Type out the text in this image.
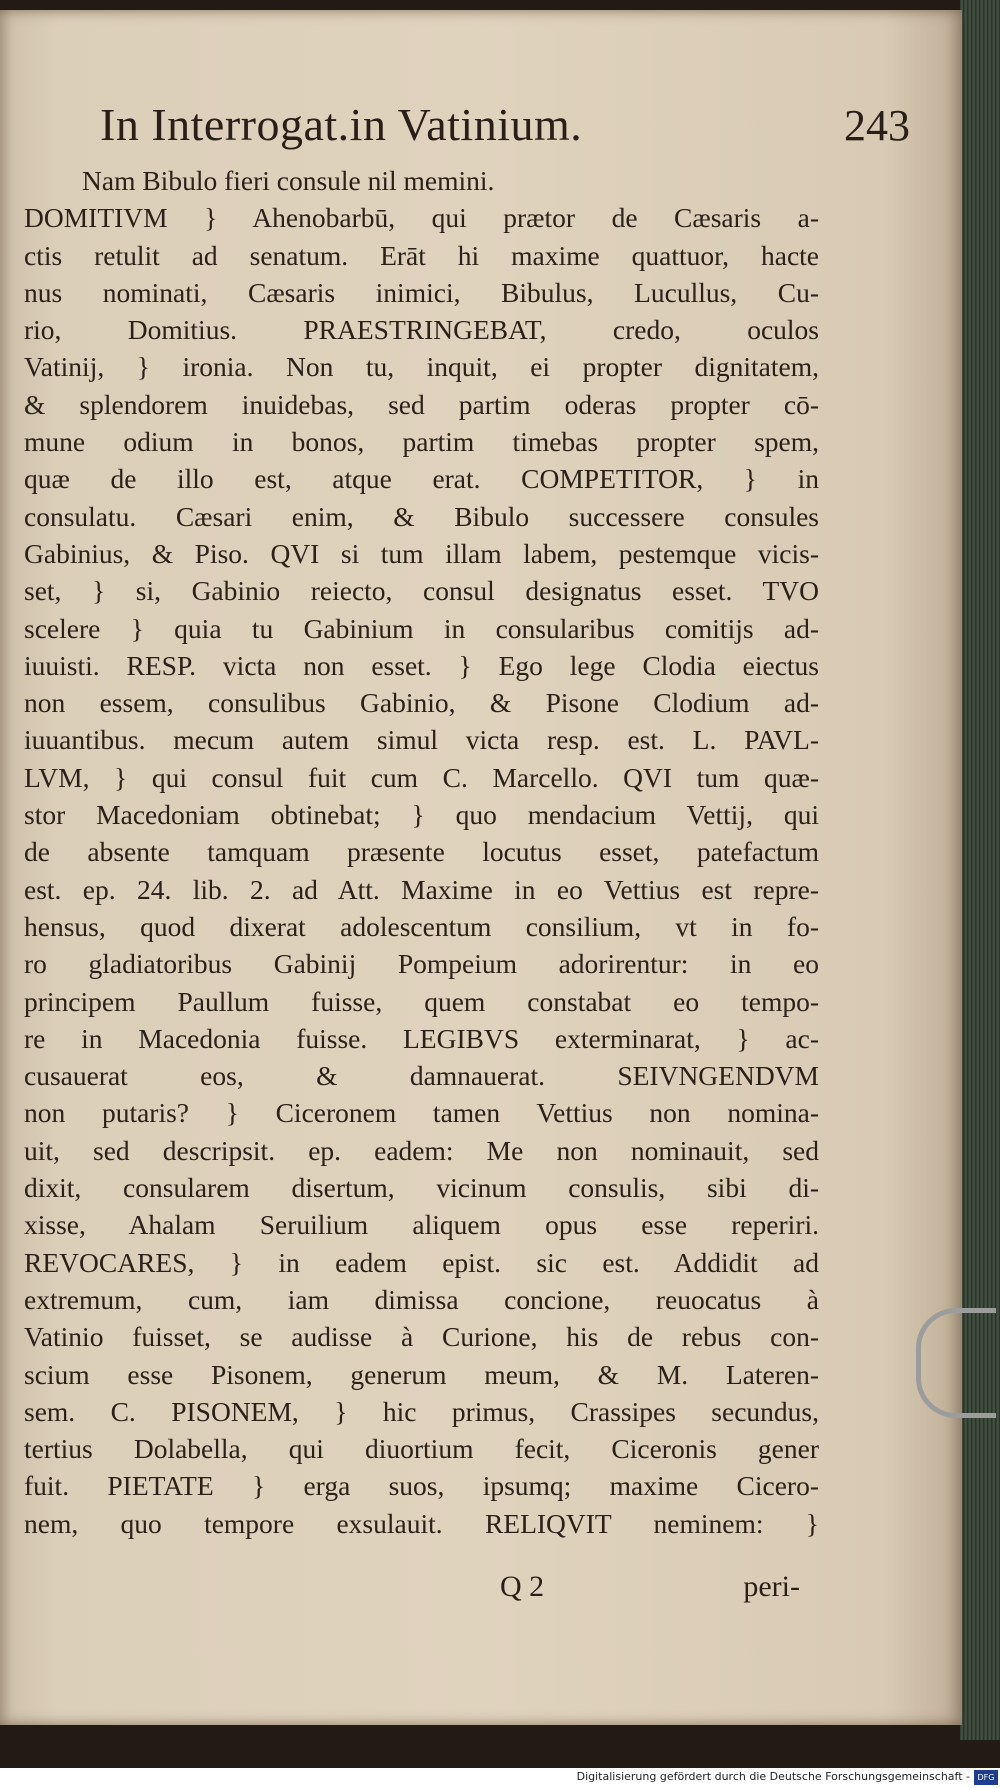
In Interrogat.in Vatinium.	243
Nam Bibulo fieri consule nil memini.
DOMITIVM } Ahenobarbū, qui prætor de Cæsaris a-
ctis retulit ad senatum. Erāt hi maxime quattuor, hacte
nus nominati, Cæsaris inimici, Bibulus, Lucullus, Cu-
rio, Domitius. PRAESTRINGEBAT, credo, oculos
Vatinij, } ironia. Non tu, inquit, ei propter dignitatem,
& splendorem inuidebas, sed partim oderas propter cō-
mune odium in bonos, partim timebas propter spem,
quæ de illo est, atque erat. COMPETITOR, } in
consulatu. Cæsari enim, & Bibulo successere consules
Gabinius, & Piso. QVI si tum illam labem, pestemque vicis-
set, } si, Gabinio reiecto, consul designatus esset. TVO
scelere } quia tu Gabinium in consularibus comitijs ad-
iuuisti. RESP. victa non esset. } Ego lege Clodia eiectus
non essem, consulibus Gabinio, & Pisone Clodium ad-
iuuantibus. mecum autem simul victa resp. est. L. PAVL-
LVM, } qui consul fuit cum C. Marcello. QVI tum quæ-
stor Macedoniam obtinebat; } quo mendacium Vettij, qui
de absente tamquam præsente locutus esset, patefactum
est. ep. 24. lib. 2. ad Att. Maxime in eo Vettius est repre-
hensus, quod dixerat adolescentum consilium, vt in fo-
ro gladiatoribus Gabinij Pompeium adorirentur: in eo
principem Paullum fuisse, quem constabat eo tempo-
re in Macedonia fuisse. LEGIBVS exterminarat, } ac-
cusauerat eos, & damnauerat. SEIVNGENDVM
non putaris? } Ciceronem tamen Vettius non nomina-
uit, sed descripsit. ep. eadem: Me non nominauit, sed
dixit, consularem disertum, vicinum consulis, sibi di-
xisse, Ahalam Seruilium aliquem opus esse reperiri.
REVOCARES, } in eadem epist. sic est. Addidit ad
extremum, cum, iam dimissa concione, reuocatus à
Vatinio fuisset, se audisse à Curione, his de rebus con-
scium esse Pisonem, generum meum, & M. Lateren-
sem. C. PISONEM, } hic primus, Crassipes secundus,
tertius Dolabella, qui diuortium fecit, Ciceronis gener
fuit. PIETATE } erga suos, ipsumq; maxime Cicero-
nem, quo tempore exsulauit. RELIQVIT neminem: }
Q 2	peri-
Digitalisierung gefördert durch die Deutsche Forschungsgemeinschaft - DFG
